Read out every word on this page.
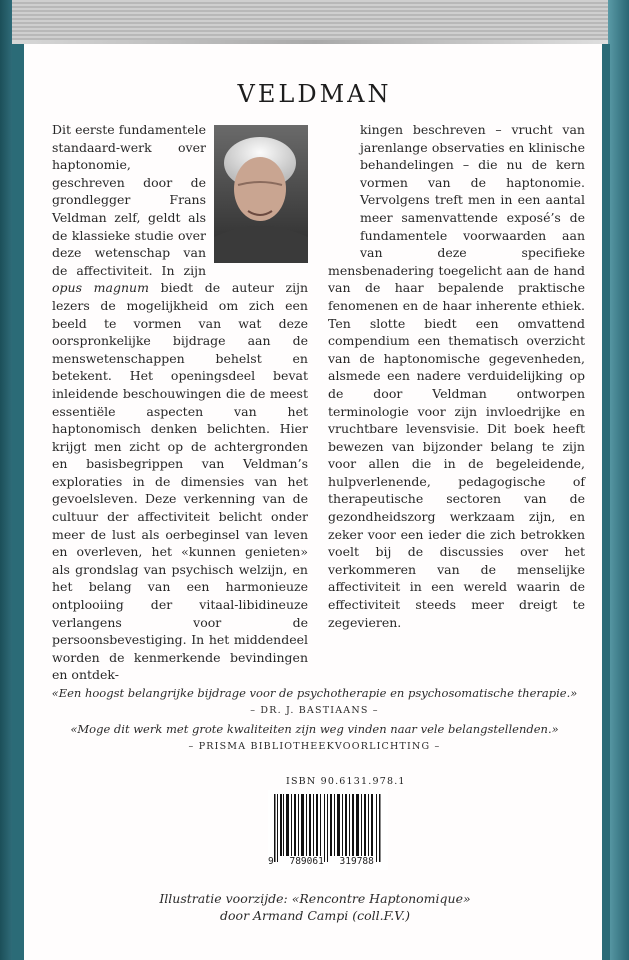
VELDMAN

Dit eerste fundamentele standaard-werk over haptonomie, geschreven door de grondlegger Frans Veldman zelf, geldt als de klassieke studie over deze wetenschap van de affectiviteit. In zijn opus magnum biedt de auteur zijn lezers de mogelijkheid om zich een beeld te vormen van wat deze oorspronkelijke bijdrage aan de menswetenschappen behelst en betekent. Het openingsdeel bevat inleidende beschouwingen die de meest essentiële aspecten van het haptonomisch denken belichten. Hier krijgt men zicht op de achtergronden en basisbegrippen van Veldman’s exploraties in de dimensies van het gevoelsleven. Deze verkenning van de cultuur der affectiviteit belicht onder meer de lust als oerbeginsel van leven en overleven, het «kunnen genieten» als grondslag van psychisch welzijn, en het belang van een harmonieuze ontplooiing der vitaal-libidineuze verlangens voor de persoonsbevestiging. In het middendeel worden de kenmerkende bevindingen en ontdek-

kingen beschreven – vrucht van jarenlange observaties en klinische behandelingen – die nu de kern vormen van de haptonomie. Vervolgens treft men in een aantal meer samenvattende exposé’s de fundamentele voorwaarden aan van deze specifieke mensbenadering toegelicht aan de hand van de haar bepalende praktische fenomenen en de haar inherente ethiek. Ten slotte biedt een omvattend compendium een thematisch overzicht van de haptonomische gegevenheden, alsmede een nadere verduidelijking op de door Veldman ontworpen terminologie voor zijn invloedrijke en vruchtbare levensvisie. Dit boek heeft bewezen van bijzonder belang te zijn voor allen die in de begeleidende, hulpverlenende, pedagogische of therapeutische sectoren van de gezondheidszorg werkzaam zijn, en zeker voor een ieder die zich betrokken voelt bij de discussies over het verkommeren van de menselijke affectiviteit in een wereld waarin de effectiviteit steeds meer dreigt te zegevieren.

«Een hoogst belangrijke bijdrage voor de psychotherapie en psychosomatische therapie.»
– DR. J. BASTIAANS –
«Moge dit werk met grote kwaliteiten zijn weg vinden naar vele belangstellenden.»
– PRISMA BIBLIOTHEEKVOORLICHTING –
ISBN 90.6131.978.1
9 789061 319788
Illustratie voorzijde: «Rencontre Haptonomique»
door Armand Campi (coll.F.V.)
